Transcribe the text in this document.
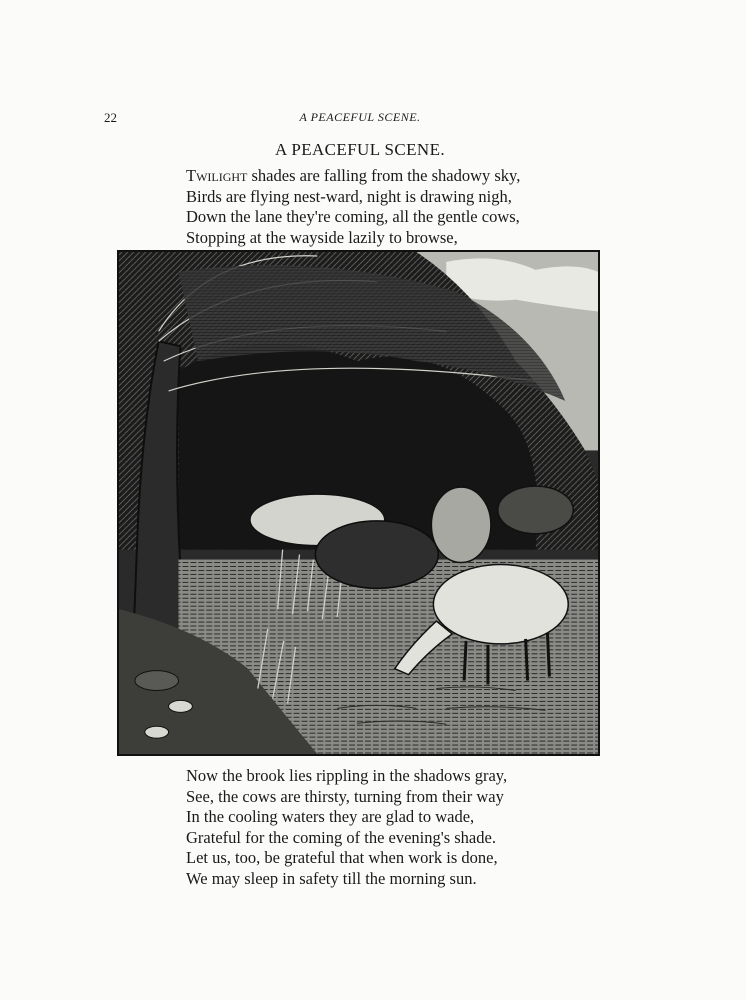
22	A PEACEFUL SCENE.
A PEACEFUL SCENE.
Twilight shades are falling from the shadowy sky,
Birds are flying nest-ward, night is drawing nigh,
Down the lane they're coming, all the gentle cows,
Stopping at the wayside lazily to browse,
Now the brook lies rippling in the shadows gray,
See, the cows are thirsty, turning from their way
In the cooling waters they are glad to wade,
Grateful for the coming of the evening's shade.
Let us, too, be grateful that when work is done,
We may sleep in safety till the morning sun.
